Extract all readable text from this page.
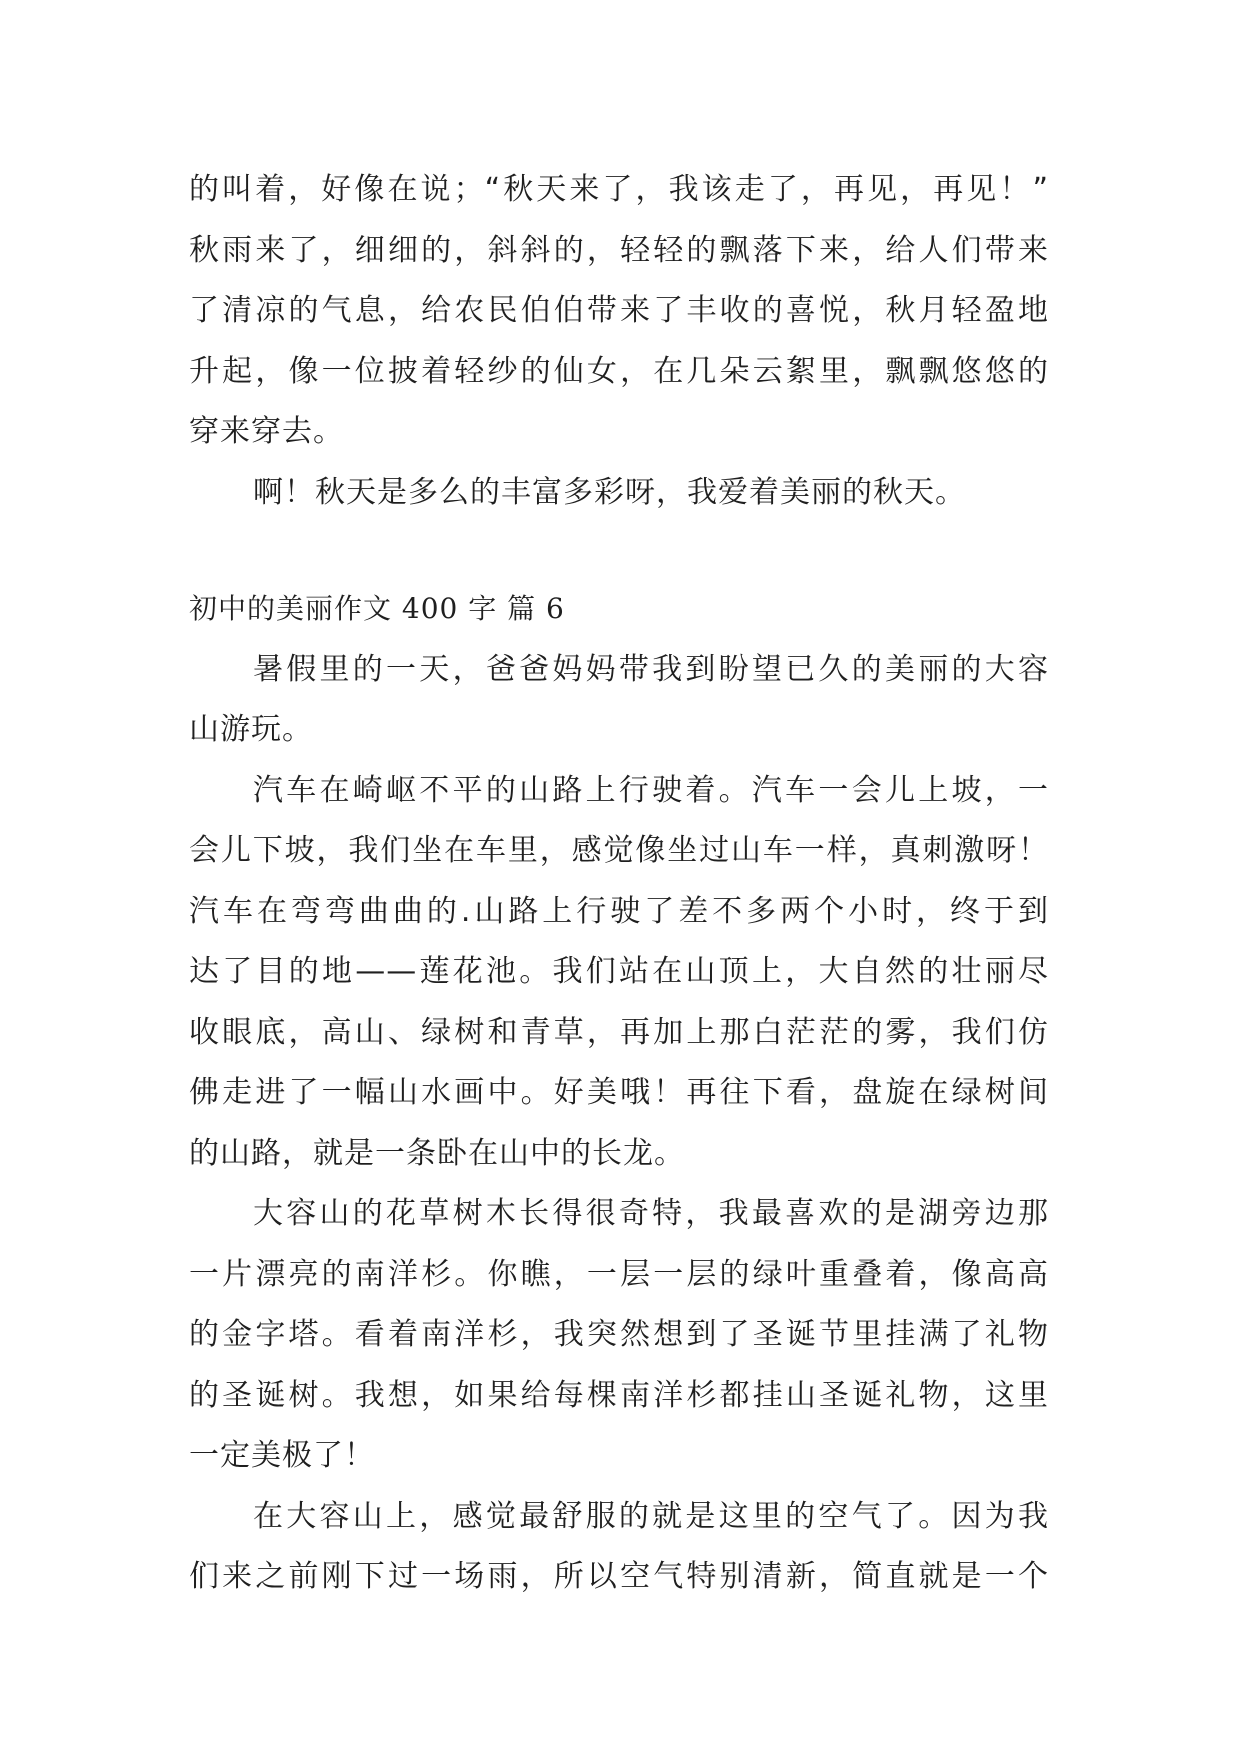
的叫着，好像在说；“秋天来了，我该走了，再见，再见！”
秋雨来了，细细的，斜斜的，轻轻的飘落下来，给人们带来
了清凉的气息，给农民伯伯带来了丰收的喜悦，秋月轻盈地
升起，像一位披着轻纱的仙女，在几朵云絮里，飘飘悠悠的
穿来穿去。
啊！秋天是多么的丰富多彩呀，我爱着美丽的秋天。
初中的美丽作文 400 字 篇 6
暑假里的一天，爸爸妈妈带我到盼望已久的美丽的大容
山游玩。
汽车在崎岖不平的山路上行驶着。汽车一会儿上坡，一
会儿下坡，我们坐在车里，感觉像坐过山车一样，真刺激呀！
汽车在弯弯曲曲的.山路上行驶了差不多两个小时，终于到
达了目的地——莲花池。我们站在山顶上，大自然的壮丽尽
收眼底，高山、绿树和青草，再加上那白茫茫的雾，我们仿
佛走进了一幅山水画中。好美哦！再往下看，盘旋在绿树间
的山路，就是一条卧在山中的长龙。
大容山的花草树木长得很奇特，我最喜欢的是湖旁边那
一片漂亮的南洋杉。你瞧，一层一层的绿叶重叠着，像高高
的金字塔。看着南洋杉，我突然想到了圣诞节里挂满了礼物
的圣诞树。我想，如果给每棵南洋杉都挂山圣诞礼物，这里
一定美极了！
在大容山上，感觉最舒服的就是这里的空气了。因为我
们来之前刚下过一场雨，所以空气特别清新，简直就是一个
